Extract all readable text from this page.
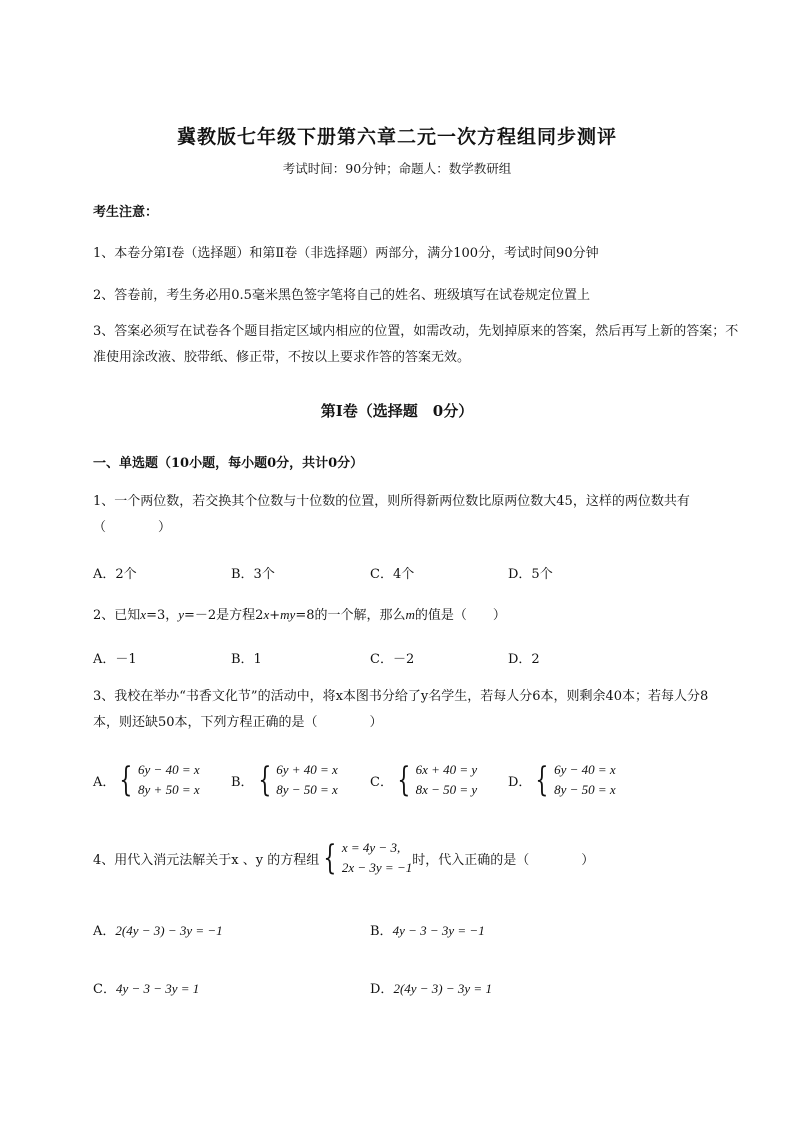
冀教版七年级下册第六章二元一次方程组同步测评
考试时间：90分钟；命题人：数学教研组
考生注意：
1、本卷分第I卷（选择题）和第Ⅱ卷（非选择题）两部分，满分100分，考试时间90分钟
2、答卷前，考生务必用0.5毫米黑色签字笔将自己的姓名、班级填写在试卷规定位置上
3、答案必须写在试卷各个题目指定区域内相应的位置，如需改动，先划掉原来的答案，然后再写上新的答案；不准使用涂改液、胶带纸、修正带，不按以上要求作答的答案无效。
第I卷（选择题　0分）
一、单选题（10小题，每小题0分，共计0分）
1、一个两位数，若交换其个位数与十位数的位置，则所得新两位数比原两位数大45，这样的两位数共有（　　　　）
A．2个	B．3个	C．4个	D．5个
2、已知x=3，y=－2是方程2x+my=8的一个解，那么m的值是（　　）
A．－1	B．1	C．－2	D．2
3、我校在举办“书香文化节”的活动中，将x本图书分给了y名学生，若每人分6本，则剩余40本；若每人分8本，则还缺50本，下列方程正确的是（　　　　）
A． { 6y − 40 = x
8y + 50 = x B． { 6y + 40 = x
8y − 50 = x C． { 6x + 40 = y
8x − 50 = y D． { 6y − 40 = x
8y − 50 = x
4、用代入消元法解关于x 、y 的方程组 { x = 4y − 3,
2x − 3y = −1 时，代入正确的是（　　　　）
A．2(4y − 3) − 3y = −1	B．4y − 3 − 3y = −1
C．4y − 3 − 3y = 1	D．2(4y − 3) − 3y = 1
